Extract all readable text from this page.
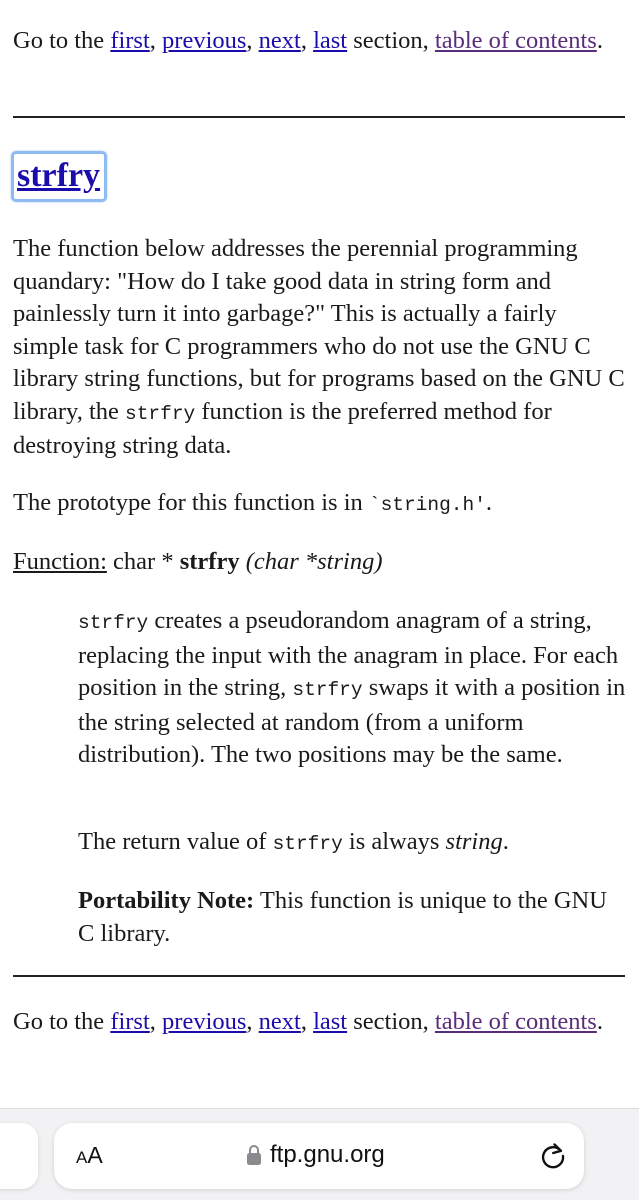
Go to the first, previous, next, last section, table of contents.
strfry

The function below addresses the perennial programming quandary: "How do I take good data in string form and painlessly turn it into garbage?" This is actually a fairly simple task for C programmers who do not use the GNU C library string functions, but for programs based on the GNU C library, the strfry function is the preferred method for destroying string data.

The prototype for this function is in `string.h'.

Function: char * strfry (char *string)

strfry creates a pseudorandom anagram of a string, replacing the input with the anagram in place. For each position in the string, strfry swaps it with a position in the string selected at random (from a uniform distribution). The two positions may be the same.

The return value of strfry is always string.

Portability Note: This function is unique to the GNU C library.

Go to the first, previous, next, last section, table of contents.
AA	ftp.gnu.org
